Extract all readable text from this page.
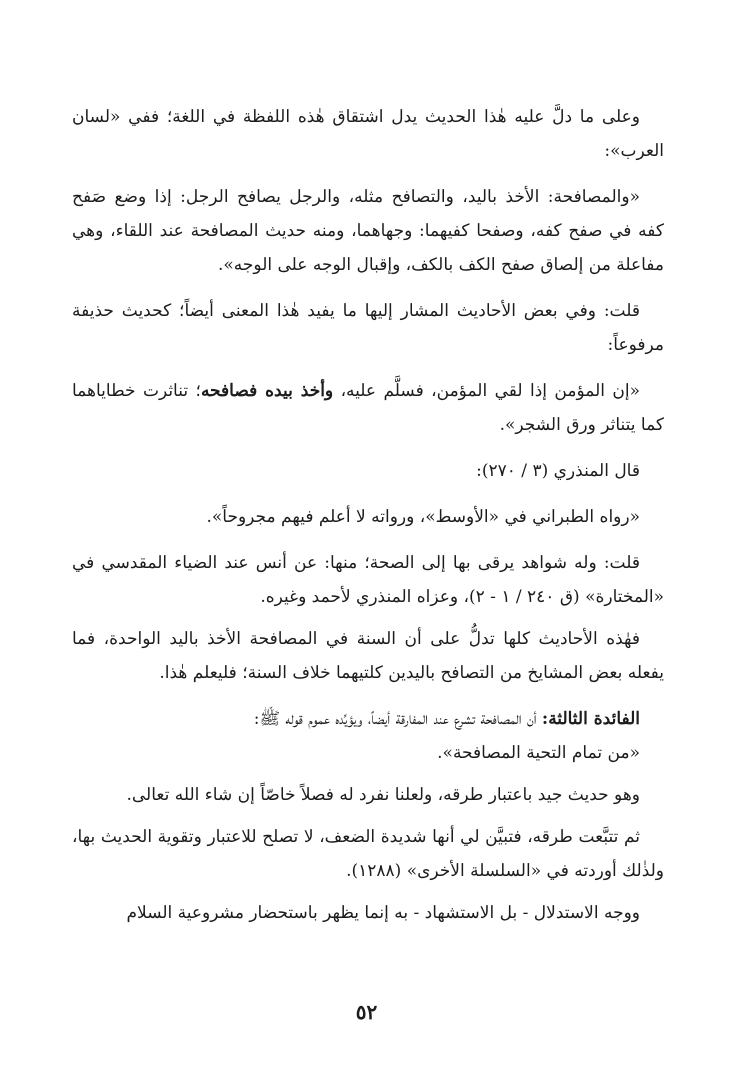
وعلى ما دلَّ عليه هٰذا الحديث يدل اشتقاق هٰذه اللفظة في اللغة؛ ففي «لسان العرب»:

«والمصافحة: الأخذ باليد، والتصافح مثله، والرجل يصافح الرجل: إذا وضع صَفح كفه في صفح كفه، وصفحا كفيهما: وجهاهما، ومنه حديث المصافحة عند اللقاء، وهي مفاعلة من إلصاق صفح الكف بالكف، وإقبال الوجه على الوجه».

قلت: وفي بعض الأحاديث المشار إليها ما يفيد هٰذا المعنى أيضاً؛ كحديث حذيفة مرفوعاً:

«إن المؤمن إذا لقي المؤمن، فسلَّم عليه، وأخذ بيده فصافحه؛ تناثرت خطاياهما كما يتناثر ورق الشجر».

قال المنذري (٣ / ٢٧٠):

«رواه الطبراني في «الأوسط»، ورواته لا أعلم فيهم مجروحاً».

قلت: وله شواهد يرقى بها إلى الصحة؛ منها: عن أنس عند الضياء المقدسي في «المختارة» (ق ٢٤٠ / ١ - ٢)، وعزاه المنذري لأحمد وغيره.

فهٰذه الأحاديث كلها تدلُّ على أن السنة في المصافحة الأخذ باليد الواحدة، فما يفعله بعض المشايخ من التصافح باليدين كلتيهما خلاف السنة؛ فليعلم هٰذا.

الفائدة الثالثة: أن المصافحة تشرع عند المفارقة أيضاً، ويؤيِّده عموم قوله ﷺ:

«من تمام التحية المصافحة».

وهو حديث جيد باعتبار طرقه، ولعلنا نفرد له فصلاً خاصّاً إن شاء الله تعالى.

ثم تتبَّعت طرقه، فتبيَّن لي أنها شديدة الضعف، لا تصلح للاعتبار وتقوية الحديث بها، ولذٰلك أوردته في «السلسلة الأخرى» (١٢٨٨).

ووجه الاستدلال - بل الاستشهاد - به إنما يظهر باستحضار مشروعية السلام

٥٢
